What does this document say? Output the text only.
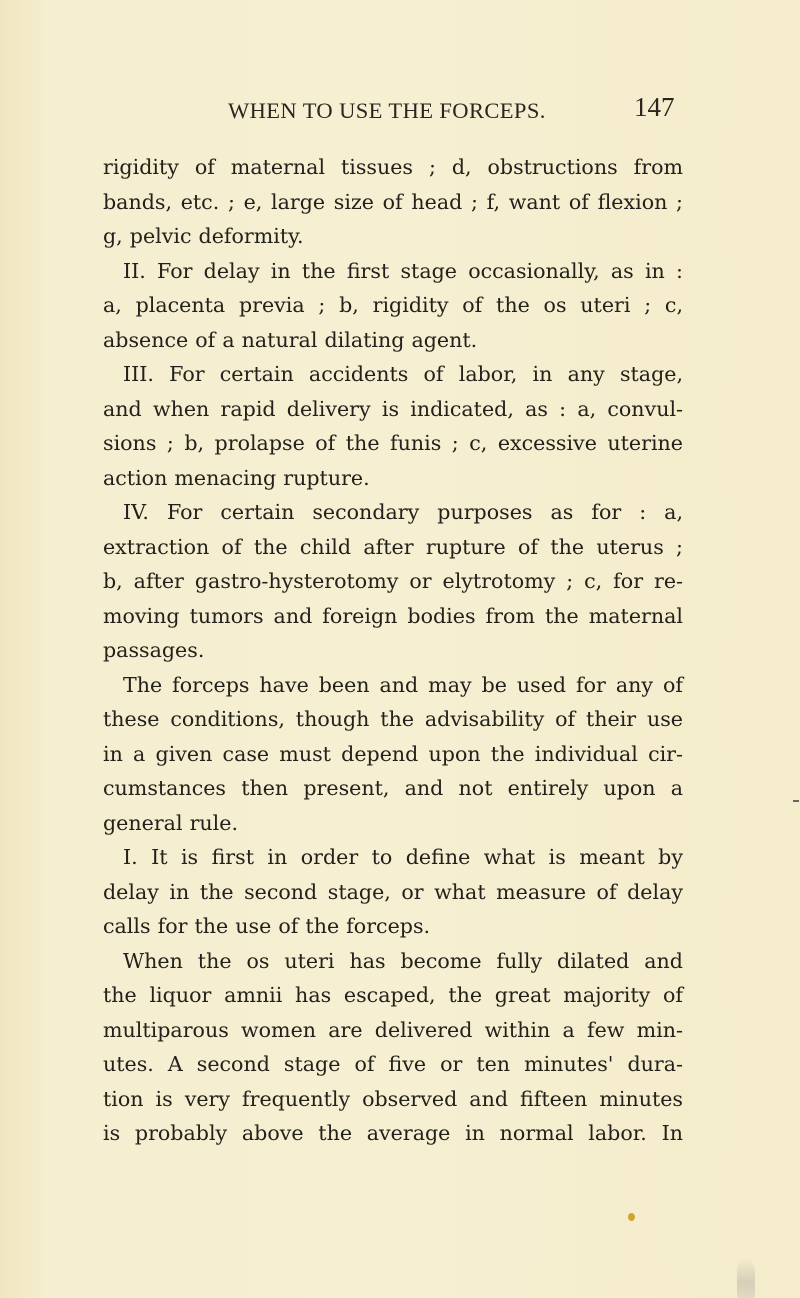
WHEN TO USE THE FORCEPS.	147
rigidity of maternal tissues ; d, obstructions from
bands, etc. ; e, large size of head ; f, want of flexion ;
g, pelvic deformity.
II. For delay in the first stage occasionally, as in :
a, placenta previa ; b, rigidity of the os uteri ; c,
absence of a natural dilating agent.
III. For certain accidents of labor, in any stage,
and when rapid delivery is indicated, as : a, convul-
sions ; b, prolapse of the funis ; c, excessive uterine
action menacing rupture.
IV. For certain secondary purposes as for : a,
extraction of the child after rupture of the uterus ;
b, after gastro-hysterotomy or elytrotomy ; c, for re-
moving tumors and foreign bodies from the maternal
passages.
The forceps have been and may be used for any of
these conditions, though the advisability of their use
in a given case must depend upon the individual cir-
cumstances then present, and not entirely upon a
general rule.
I. It is first in order to define what is meant by
delay in the second stage, or what measure of delay
calls for the use of the forceps.
When the os uteri has become fully dilated and
the liquor amnii has escaped, the great majority of
multiparous women are delivered within a few min-
utes. A second stage of five or ten minutes' dura-
tion is very frequently observed and fifteen minutes
is probably above the average in normal labor. In
